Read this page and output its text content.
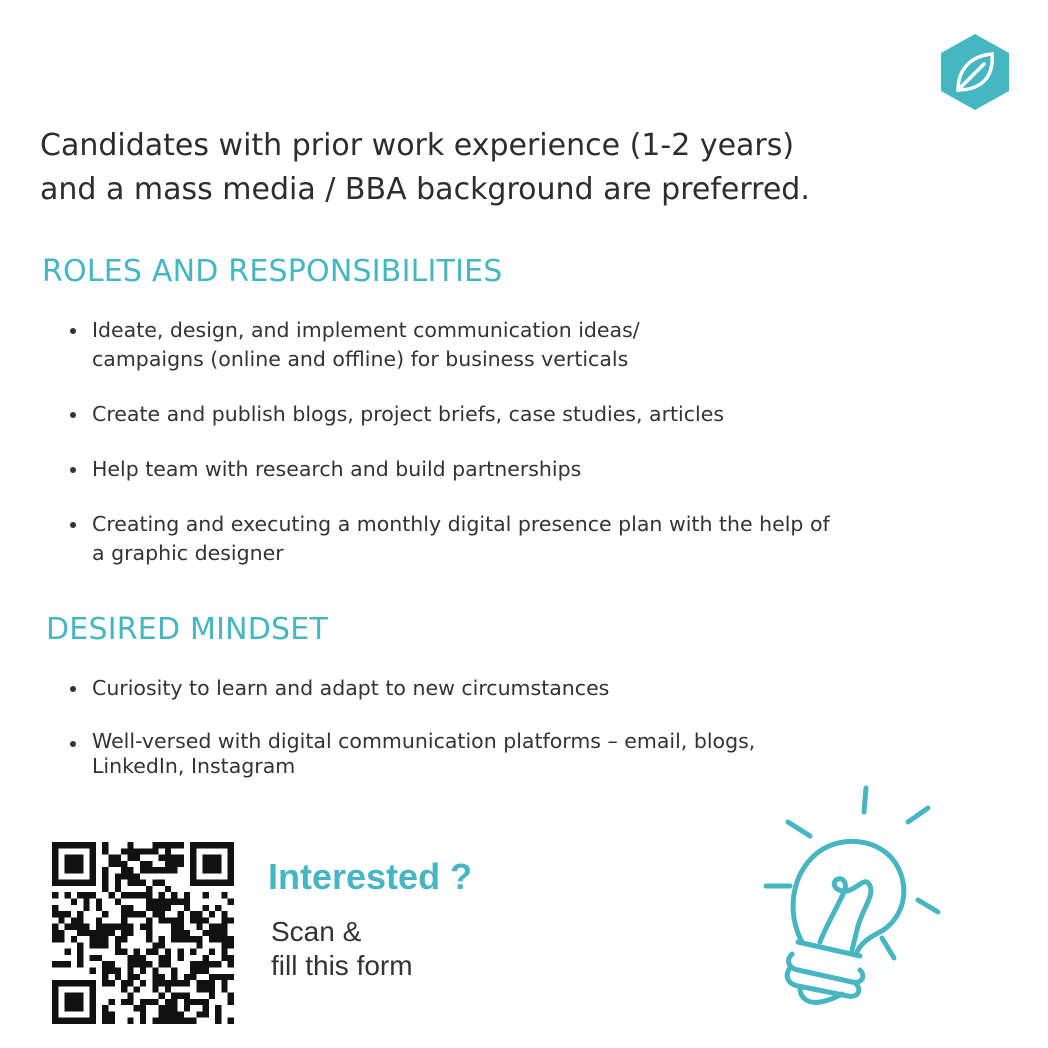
Candidates with prior work experience (1-2 years)
and a mass media / BBA background are preferred.

ROLES AND RESPONSIBILITIES
Ideate, design, and implement communication ideas/
campaigns (online and offline) for business verticals
Create and publish blogs, project briefs, case studies, articles
Help team with research and build partnerships
Creating and executing a monthly digital presence plan with the help of
a graphic designer
DESIRED MINDSET
Curiosity to learn and adapt to new circumstances
Well-versed with digital communication platforms – email, blogs,
LinkedIn, Instagram
Interested ?

Scan &
fill this form
